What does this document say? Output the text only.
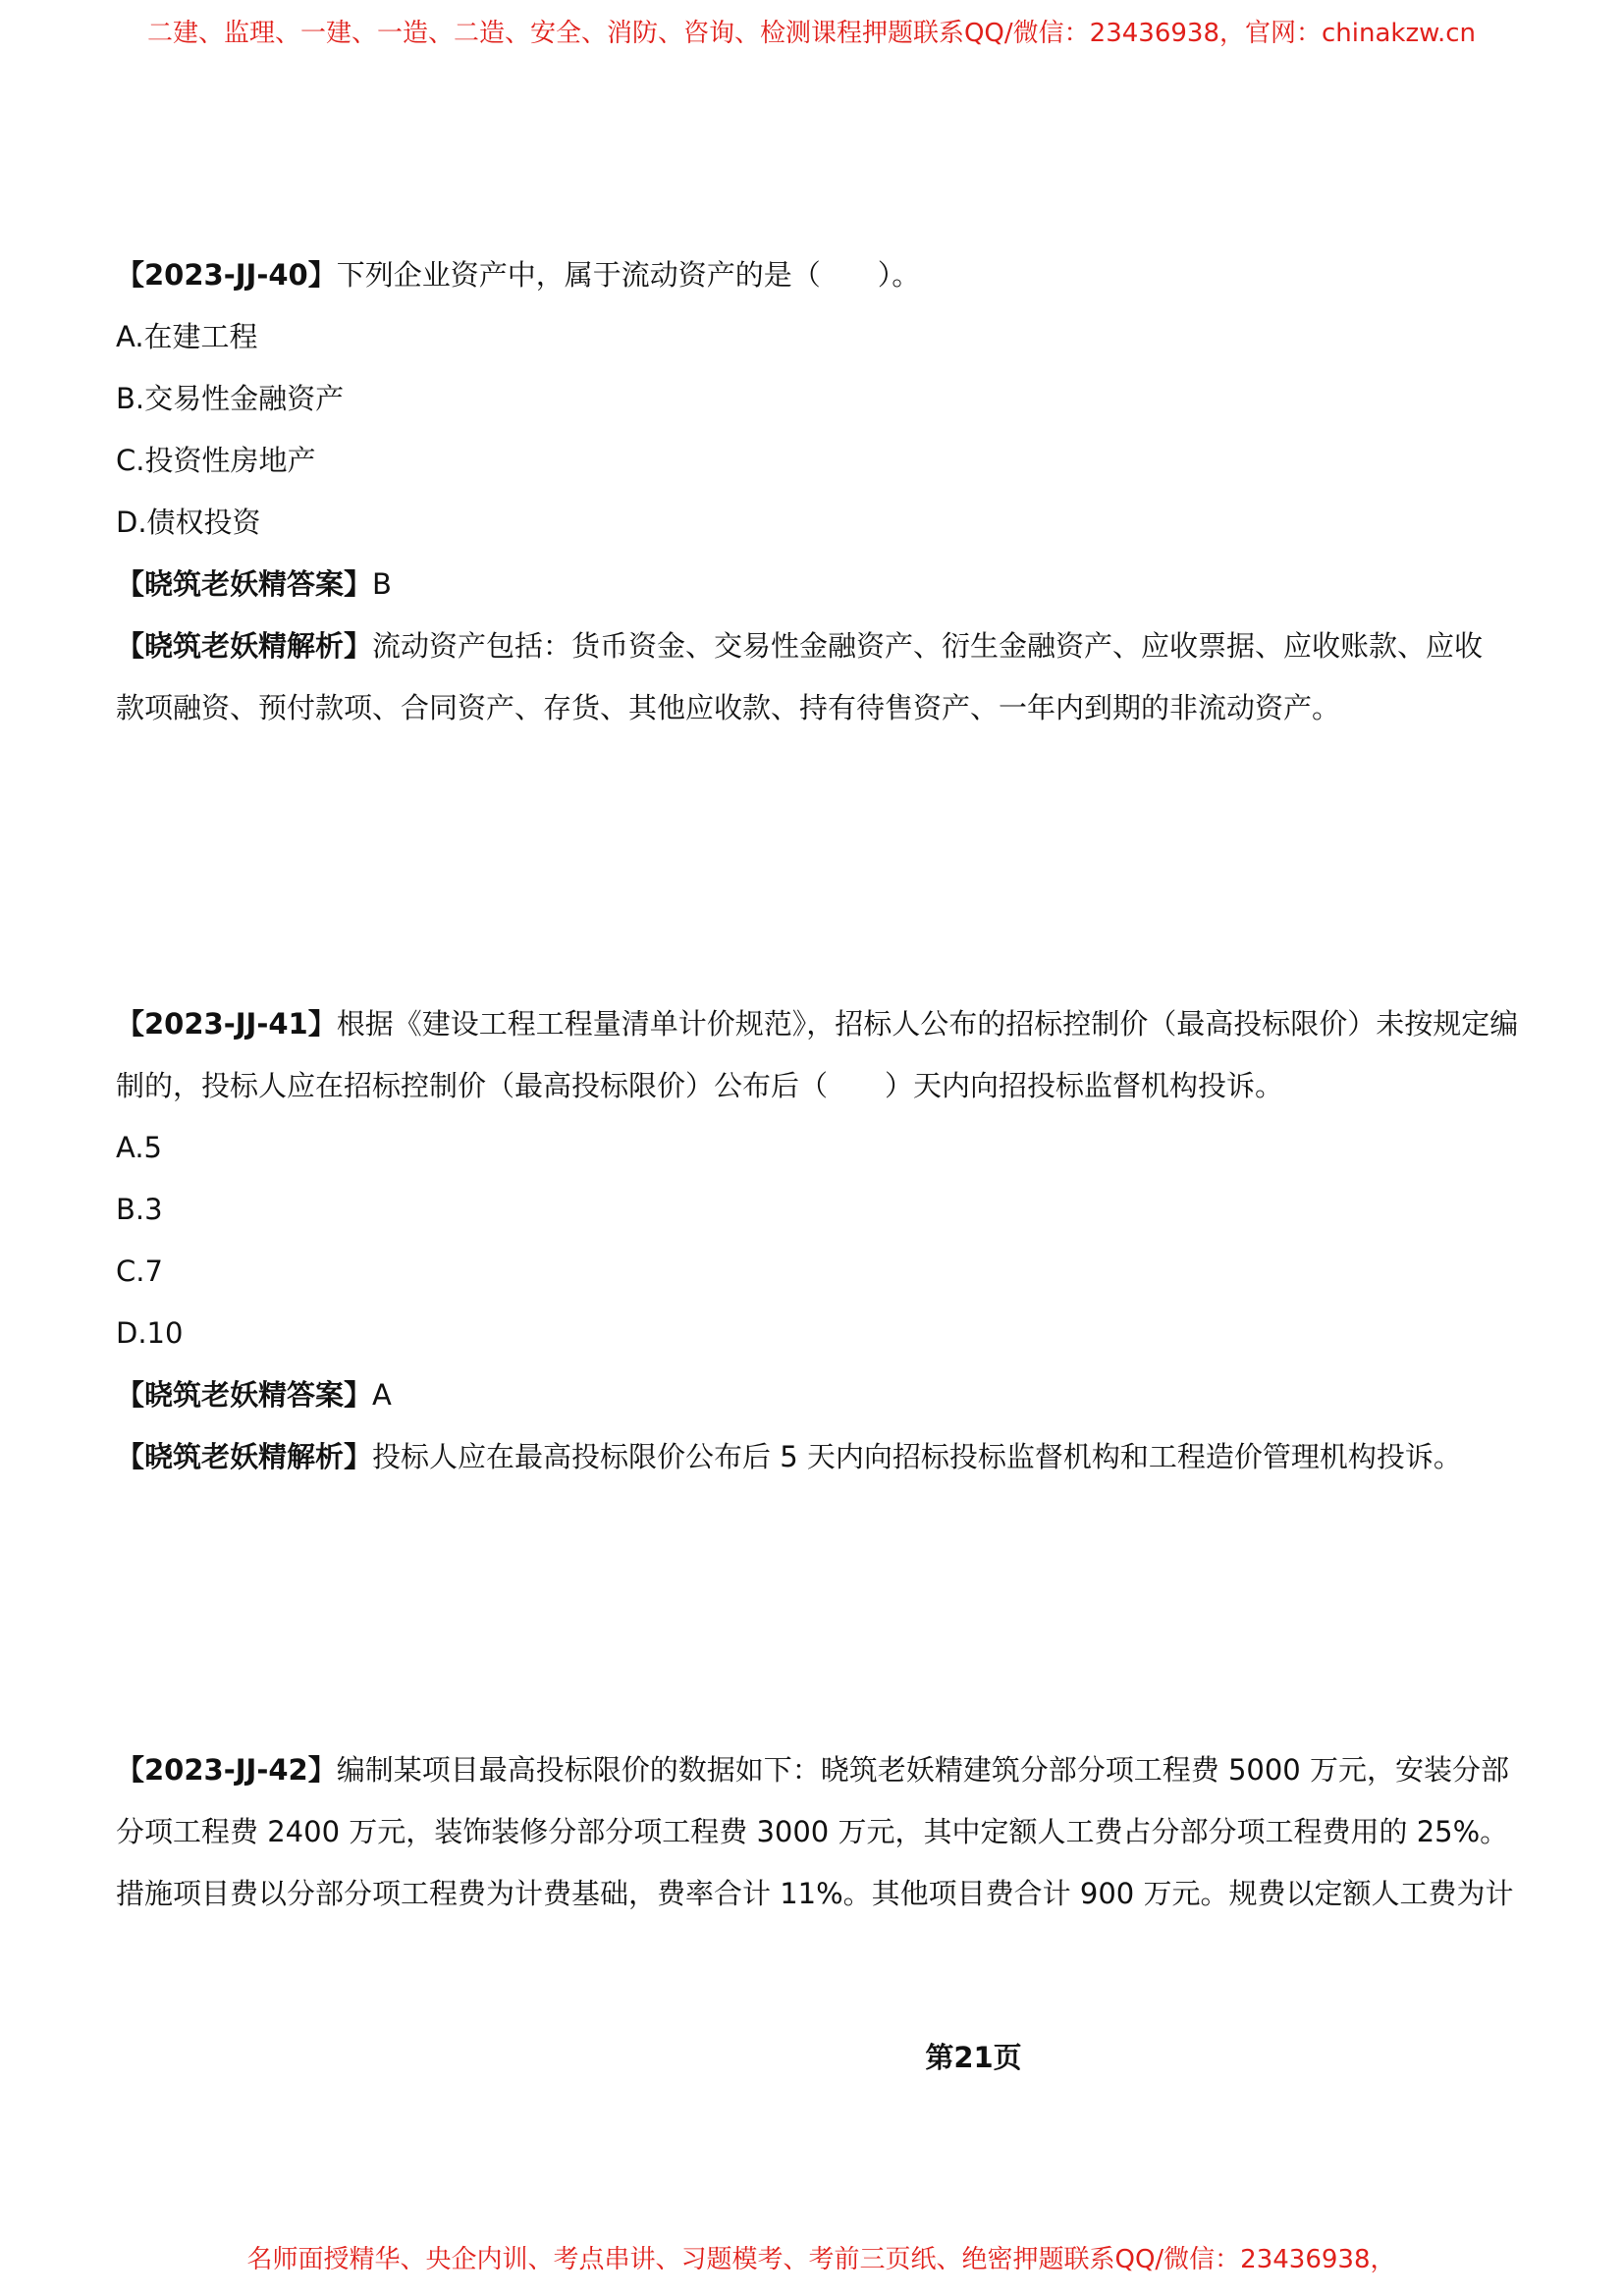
二建、监理、一建、一造、二造、安全、消防、咨询、检测课程押题联系QQ/微信：23436938，官网：chinakzw.cn
【2023-JJ-40】下列企业资产中，属于流动资产的是（　　）。
A.在建工程
B.交易性金融资产
C.投资性房地产
D.债权投资
【晓筑老妖精答案】B
【晓筑老妖精解析】流动资产包括：货币资金、交易性金融资产、衍生金融资产、应收票据、应收账款、应收
款项融资、预付款项、合同资产、存货、其他应收款、持有待售资产、一年内到期的非流动资产。
【2023-JJ-41】根据《建设工程工程量清单计价规范》，招标人公布的招标控制价（最高投标限价）未按规定编
制的，投标人应在招标控制价（最高投标限价）公布后（　　）天内向招投标监督机构投诉。
A.5
B.3
C.7
D.10
【晓筑老妖精答案】A
【晓筑老妖精解析】投标人应在最高投标限价公布后 5 天内向招标投标监督机构和工程造价管理机构投诉。
【2023-JJ-42】编制某项目最高投标限价的数据如下：晓筑老妖精建筑分部分项工程费 5000 万元，安装分部
分项工程费 2400 万元，装饰装修分部分项工程费 3000 万元，其中定额人工费占分部分项工程费用的 25%。
措施项目费以分部分项工程费为计费基础，费率合计 11%。其他项目费合计 900 万元。规费以定额人工费为计
第21页
名师面授精华、央企内训、考点串讲、习题模考、考前三页纸、绝密押题联系QQ/微信：23436938，
